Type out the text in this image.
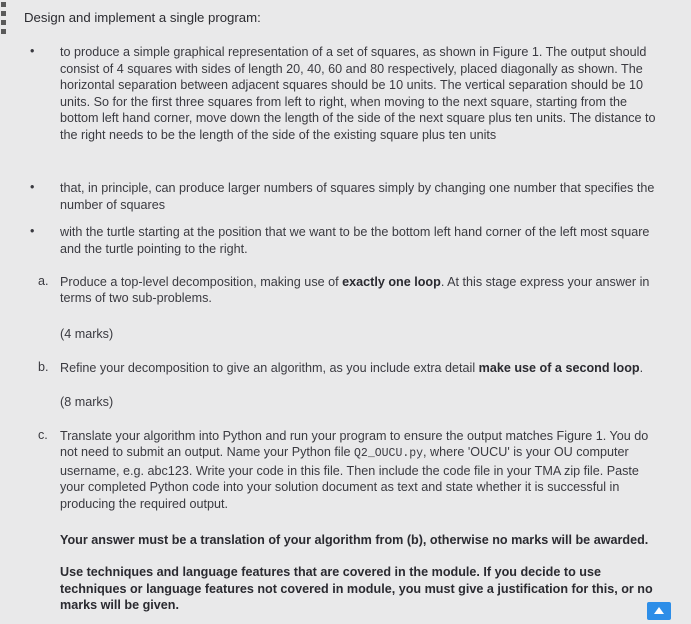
Design and implement a single program:
• to produce a simple graphical representation of a set of squares, as shown in Figure 1. The output should consist of 4 squares with sides of length 20, 40, 60 and 80 respectively, placed diagonally as shown. The horizontal separation between adjacent squares should be 10 units. The vertical separation should be 10 units. So for the first three squares from left to right, when moving to the next square, starting from the bottom left hand corner, move down the length of the side of the next square plus ten units. The distance to the right needs to be the length of the side of the existing square plus ten units
• that, in principle, can produce larger numbers of squares simply by changing one number that specifies the number of squares
• with the turtle starting at the position that we want to be the bottom left hand corner of the left most square and the turtle pointing to the right.
a. Produce a top-level decomposition, making use of exactly one loop. At this stage express your answer in terms of two sub-problems.
(4 marks)
b. Refine your decomposition to give an algorithm, as you include extra detail make use of a second loop.
(8 marks)
c. Translate your algorithm into Python and run your program to ensure the output matches Figure 1. You do not need to submit an output. Name your Python file Q2_OUCU.py, where 'OUCU' is your OU computer username, e.g. abc123. Write your code in this file. Then include the code file in your TMA zip file. Paste your completed Python code into your solution document as text and state whether it is successful in producing the required output.
Your answer must be a translation of your algorithm from (b), otherwise no marks will be awarded.
Use techniques and language features that are covered in the module. If you decide to use techniques or language features not covered in module, you must give a justification for this, or no marks will be given.
